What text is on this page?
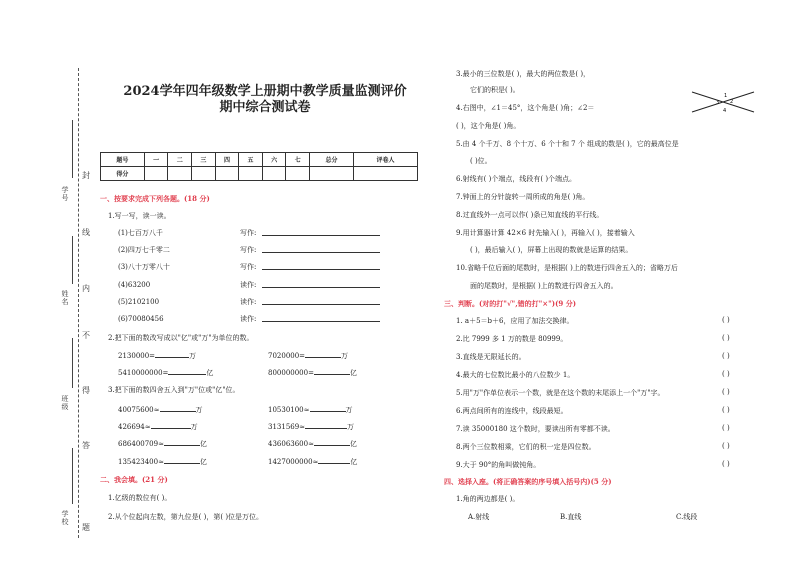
学号
姓名
班级
学校
封
线
内
不
得
答
题
2024学年四年级数学上册期中教学质量监测评价
期中综合测试卷
题号	一	二	三	四	五	六	七	总分	评卷人
得分									
一、按要求完成下列各题。(18 分)
1.写一写，读一读。
(1)七百万八千	写作:
(2)四万七千零二	写作:
(3)八十万零八十	写作:
(4)63200	读作:
(5)2102100	读作:
(6)70080456	读作:
2.把下面的数改写成以"亿"或"万"为单位的数。
2130000=	万	7020000=	万
5410000000=	亿	800000000=	亿
3.把下面的数四舍五入到"万"位或"亿"位。
40075600≈	万	10530100≈	万
426694≈	万	3131569≈	万
686400709≈	亿	436063600≈	亿
135423400≈	亿	1427000000≈	亿
二、我会填。(21 分)
1.亿级的数位有( )。
2.从个位起向左数，第九位是( )，第( )位是万位。
3.最小的三位数是( )，最大的两位数是( )，
它们的积是( )。
4.右图中，∠1＝45°，这个角是( )角；∠2＝
( )，这个角是( )角。
1
2
3
4
5.由 4 个千万、8 个十万、6 个十和 7 个 组成的数是( )，它的最高位是
( )位。
6.射线有( )个端点，线段有( )个端点。
7.钟面上的分针旋转一周所成的角是( )角。
8.过直线外一点可以作( )条已知直线的平行线。
9.用计算器计算 42×6 时先输入( )，再输入( )，接着输入
( )，最后输入( )，屏幕上出现的数就是运算的结果。
10.省略千位后面的尾数时，是根据( )上的数进行四舍五入的；省略万后
面的尾数时，是根据( )上的数进行四舍五入的。
三、判断。(对的打"√",错的打"×")(9 分)
1. a＋5＝b＋6，应用了加法交换律。	( )
2.比 7999 多 1 万的数是 80999。	( )
3.直线是无限延长的。	( )
4.最大的七位数比最小的八位数少 1。	( )
5.用"万"作单位表示一个数，就是在这个数的末尾添上一个"万"字。	( )
6.两点间所有的连线中，线段最短。	( )
7.读 35000180 这个数时，要读出所有零都不读。	( )
8.两个三位数相乘，它们的积一定是四位数。	( )
9.大于 90°的角叫做钝角。	( )
四、选择入座。(将正确答案的序号填入括号内)(5 分)
1.角的两边都是( )。
A.射线	B.直线	C.线段
